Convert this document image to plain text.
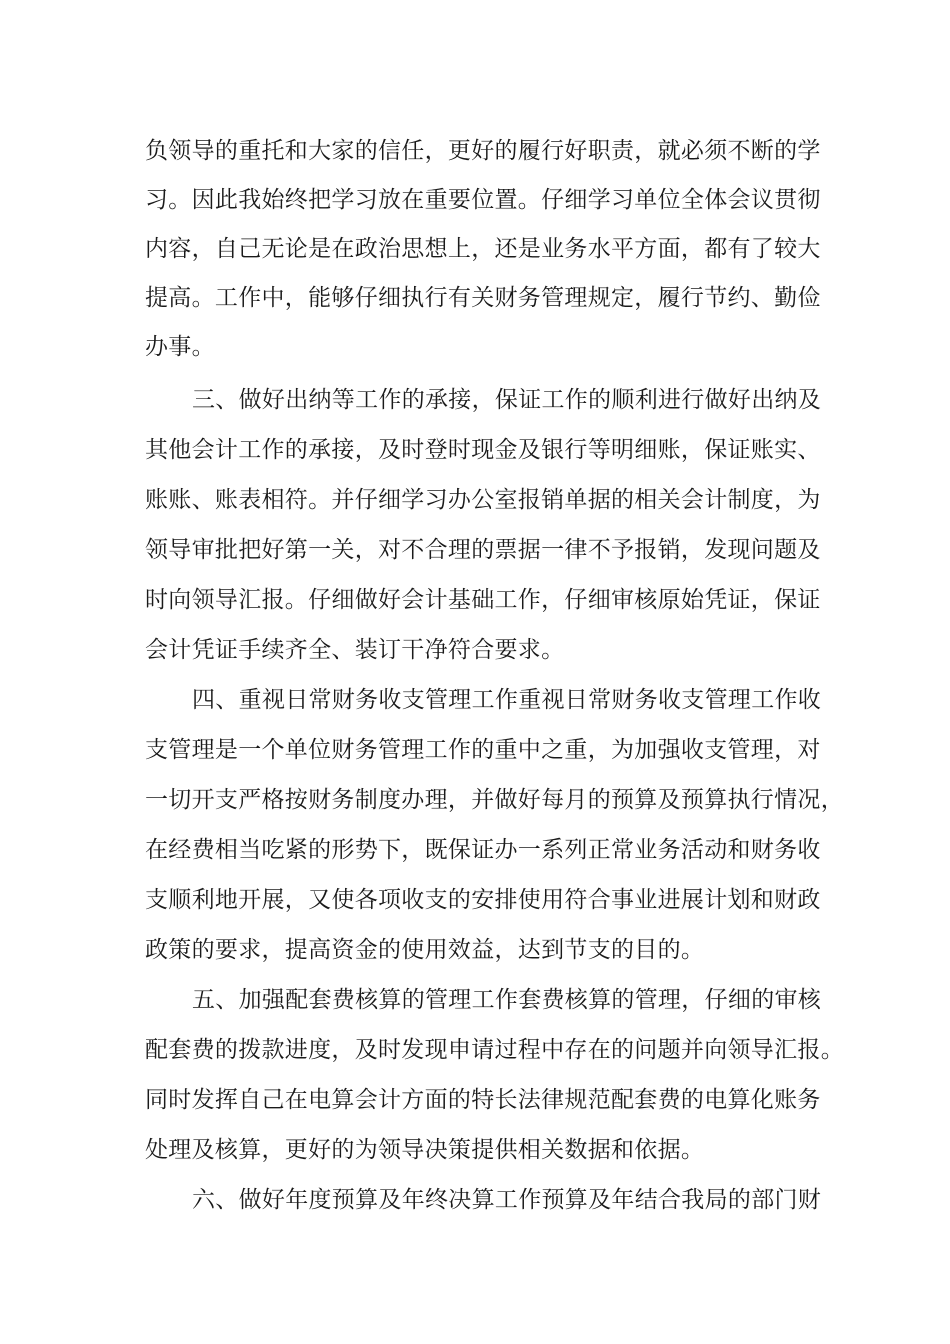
负领导的重托和大家的信任，更好的履行好职责，就必须不断的学
习。因此我始终把学习放在重要位置。仔细学习单位全体会议贯彻
内容，自己无论是在政治思想上，还是业务水平方面，都有了较大
提高。工作中，能够仔细执行有关财务管理规定，履行节约、勤俭
办事。
三、做好出纳等工作的承接，保证工作的顺利进行做好出纳及
其他会计工作的承接，及时登时现金及银行等明细账，保证账实、
账账、账表相符。并仔细学习办公室报销单据的相关会计制度，为
领导审批把好第一关，对不合理的票据一律不予报销，发现问题及
时向领导汇报。仔细做好会计基础工作，仔细审核原始凭证，保证
会计凭证手续齐全、装订干净符合要求。
四、重视日常财务收支管理工作重视日常财务收支管理工作收
支管理是一个单位财务管理工作的重中之重，为加强收支管理，对
一切开支严格按财务制度办理，并做好每月的预算及预算执行情况，
在经费相当吃紧的形势下，既保证办一系列正常业务活动和财务收
支顺利地开展，又使各项收支的安排使用符合事业进展计划和财政
政策的要求，提高资金的使用效益，达到节支的目的。
五、加强配套费核算的管理工作套费核算的管理，仔细的审核
配套费的拨款进度，及时发现申请过程中存在的问题并向领导汇报。
同时发挥自己在电算会计方面的特长法律规范配套费的电算化账务
处理及核算，更好的为领导决策提供相关数据和依据。
六、做好年度预算及年终决算工作预算及年结合我局的部门财
